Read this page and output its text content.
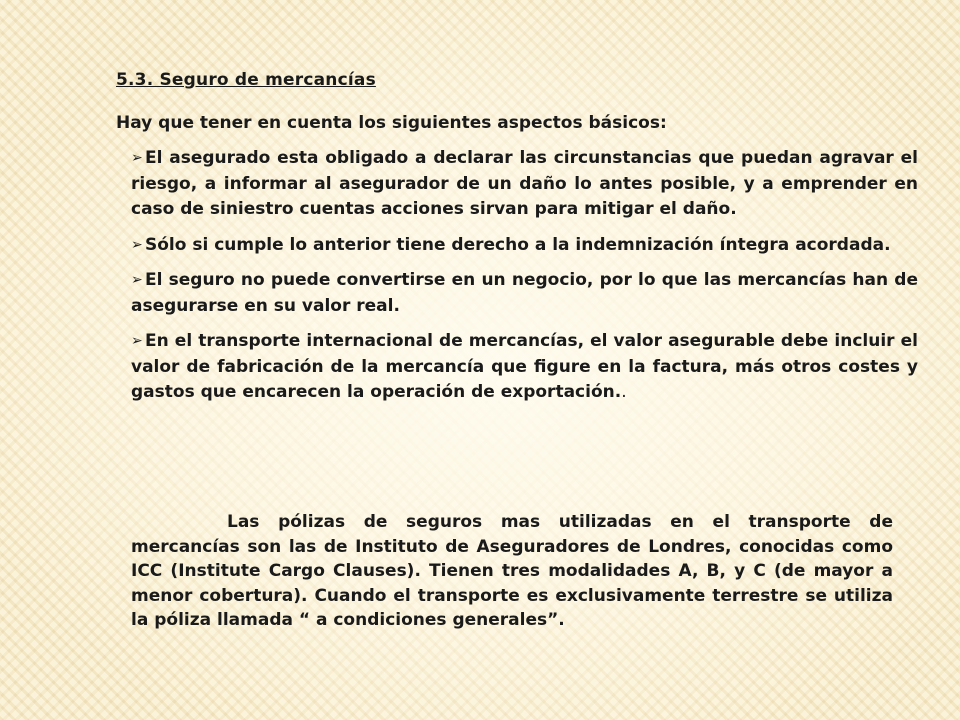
5.3. Seguro de mercancías

Hay que tener en cuenta los siguientes aspectos básicos:

➢ El asegurado esta obligado a declarar las circunstancias que puedan agravar el riesgo, a informar al asegurador de un daño lo antes posible, y a emprender en caso de siniestro cuentas acciones sirvan para mitigar el daño.
➢ Sólo si cumple lo anterior tiene derecho a la indemnización íntegra acordada.
➢ El seguro no puede convertirse en un negocio, por lo que las mercancías han de asegurarse en su valor real.
➢ En el transporte internacional de mercancías, el valor asegurable debe incluir el valor de fabricación de la mercancía que figure en la factura, más otros costes y gastos que encarecen la operación de exportación..

Las pólizas de seguros mas utilizadas en el transporte de mercancías son las de Instituto de Aseguradores de Londres, conocidas como ICC (Institute Cargo Clauses). Tienen tres modalidades A, B, y C (de mayor a menor cobertura). Cuando el transporte es exclusivamente terrestre se utiliza la póliza llamada “ a condiciones generales”.
